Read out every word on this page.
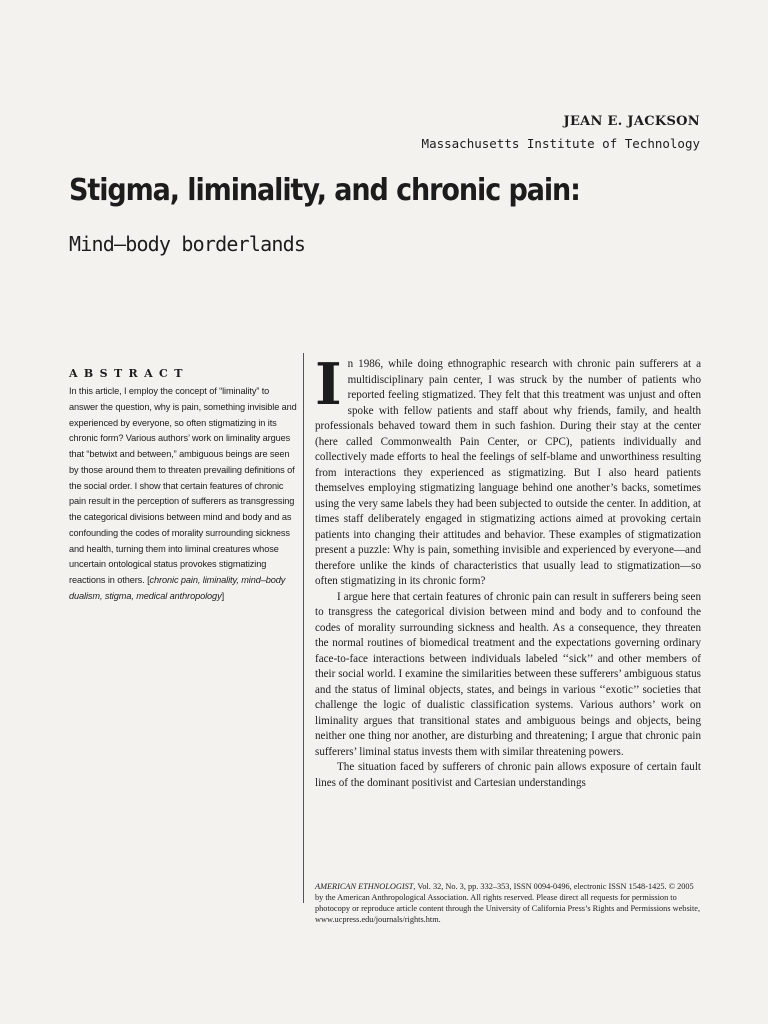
JEAN E. JACKSON
Massachusetts Institute of Technology
Stigma, liminality, and chronic pain:
Mind–body borderlands
ABSTRACT

In this article, I employ the concept of “liminality” to answer the question, why is pain, something invisible and experienced by everyone, so often stigmatizing in its chronic form? Various authors’ work on liminality argues that “betwixt and between,” ambiguous beings are seen by those around them to threaten prevailing definitions of the social order. I show that certain features of chronic pain result in the perception of sufferers as transgressing the categorical divisions between mind and body and as confounding the codes of morality surrounding sickness and health, turning them into liminal creatures whose uncertain ontological status provokes stigmatizing reactions in others. [chronic pain, liminality, mind–body dualism, stigma, medical anthropology]

In 1986, while doing ethnographic research with chronic pain sufferers at a multidisciplinary pain center, I was struck by the number of patients who reported feeling stigmatized. They felt that this treatment was unjust and often spoke with fellow patients and staff about why friends, family, and health professionals behaved toward them in such fashion. During their stay at the center (here called Commonwealth Pain Center, or CPC), patients individually and collectively made efforts to heal the feelings of self-blame and unworthiness resulting from interactions they experienced as stigmatizing. But I also heard patients themselves employing stigmatizing language behind one another’s backs, sometimes using the very same labels they had been subjected to outside the center. In addition, at times staff deliberately engaged in stigmatizing actions aimed at provoking certain patients into changing their attitudes and behavior. These examples of stigmatization present a puzzle: Why is pain, something invisible and experienced by everyone—and therefore unlike the kinds of characteristics that usually lead to stigmatization—so often stigmatizing in its chronic form?

I argue here that certain features of chronic pain can result in sufferers being seen to transgress the categorical division between mind and body and to confound the codes of morality surrounding sickness and health. As a consequence, they threaten the normal routines of biomedical treatment and the expectations governing ordinary face-to-face interactions between individuals labeled ‘‘sick’’ and other members of their social world. I examine the similarities between these sufferers’ ambiguous status and the status of liminal objects, states, and beings in various ‘‘exotic’’ societies that challenge the logic of dualistic classification systems. Various authors’ work on liminality argues that transitional states and ambiguous beings and objects, being neither one thing nor another, are disturbing and threatening; I argue that chronic pain sufferers’ liminal status invests them with similar threatening powers.

The situation faced by sufferers of chronic pain allows exposure of certain fault lines of the dominant positivist and Cartesian understandings

AMERICAN ETHNOLOGIST, Vol. 32, No. 3, pp. 332–353, ISSN 0094-0496, electronic ISSN 1548-1425. © 2005 by the American Anthropological Association. All rights reserved. Please direct all requests for permission to photocopy or reproduce article content through the University of California Press’s Rights and Permissions website, www.ucpress.edu/journals/rights.htm.
